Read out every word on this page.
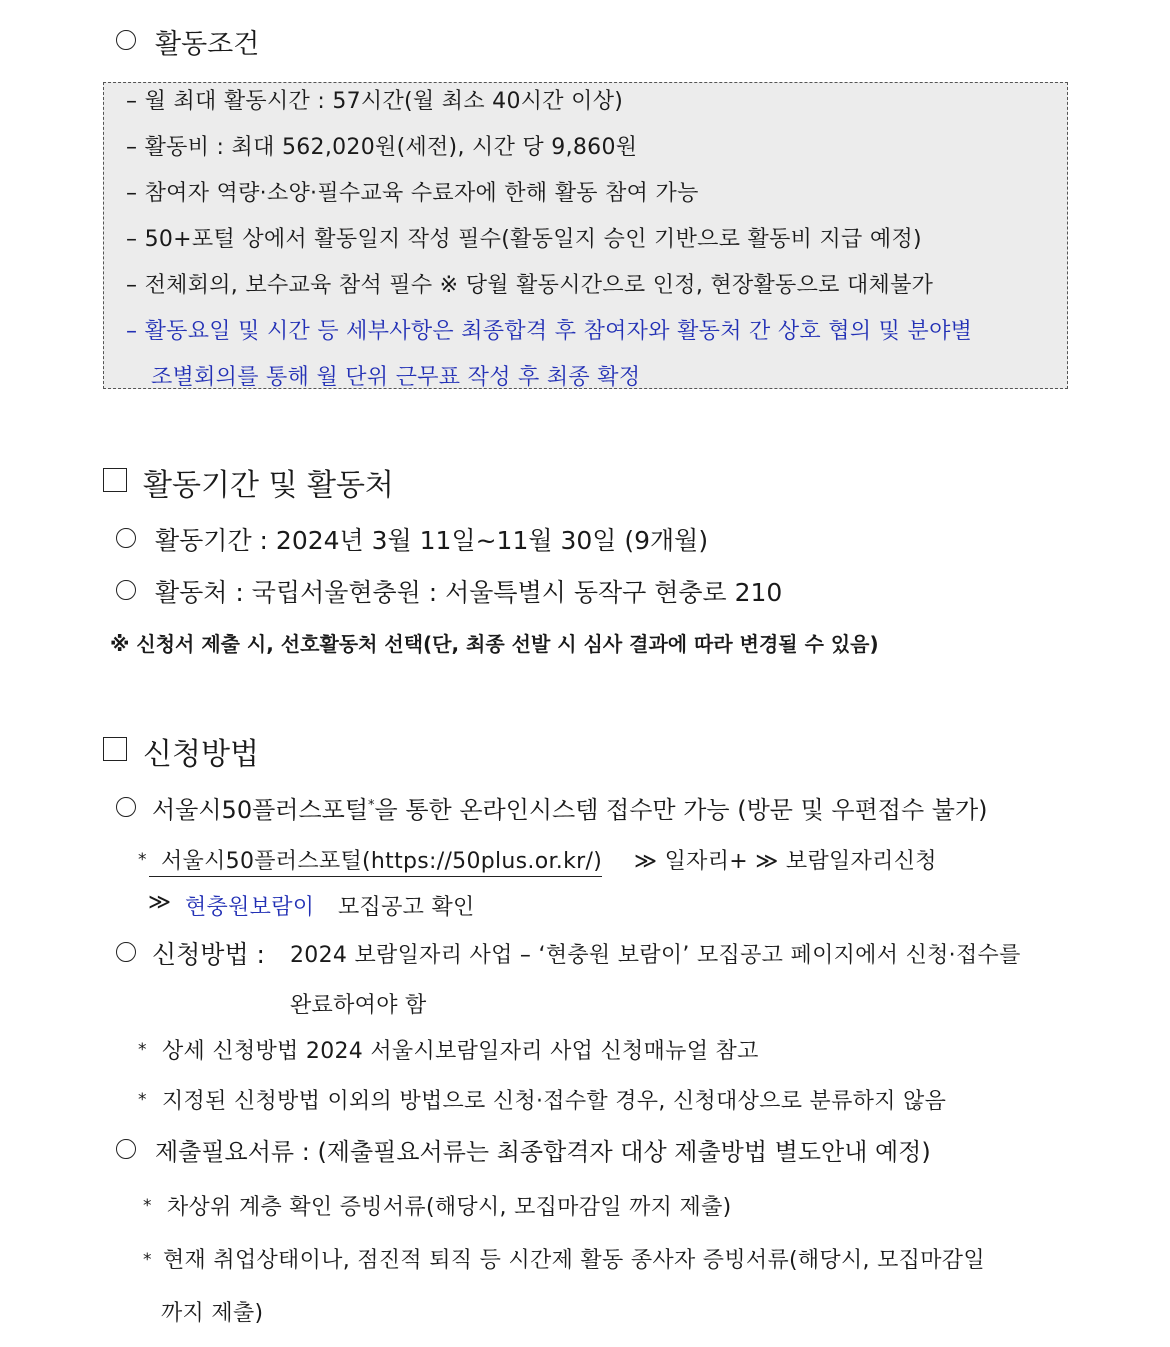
활동조건
– 월 최대 활동시간 : 57시간(월 최소 40시간 이상)
– 활동비 : 최대 562,020원(세전), 시간 당 9,860원
– 참여자 역량·소양·필수교육 수료자에 한해 활동 참여 가능
– 50+포털 상에서 활동일지 작성 필수(활동일지 승인 기반으로 활동비 지급 예정)
– 전체회의, 보수교육 참석 필수 ※ 당월 활동시간으로 인정, 현장활동으로 대체불가
– 활동요일 및 시간 등 세부사항은 최종합격 후 참여자와 활동처 간 상호 협의 및 분야별
조별회의를 통해 월 단위 근무표 작성 후 최종 확정
활동기간 및 활동처
활동기간 : 2024년 3월 11일~11월 30일 (9개월)
활동처 : 국립서울현충원 : 서울특별시 동작구 현충로 210
※ 신청서 제출 시, 선호활동처 선택(단, 최종 선발 시 심사 결과에 따라 변경될 수 있음)
신청방법
서울시50플러스포털*을 통한 온라인시스템 접수만 가능 (방문 및 우편접수 불가)
* 서울시50플러스포털(https://50plus.or.kr/) ≫ 일자리+ ≫ 보람일자리신청
≫ 현충원보람이 모집공고 확인
신청방법 : 2024 보람일자리 사업 – ‘현충원 보람이’ 모집공고 페이지에서 신청·접수를
완료하여야 함
* 상세 신청방법 2024 서울시보람일자리 사업 신청매뉴얼 참고
* 지정된 신청방법 이외의 방법으로 신청·접수할 경우, 신청대상으로 분류하지 않음
제출필요서류 : (제출필요서류는 최종합격자 대상 제출방법 별도안내 예정)
* 차상위 계층 확인 증빙서류(해당시, 모집마감일 까지 제출)
* 현재 취업상태이나, 점진적 퇴직 등 시간제 활동 종사자 증빙서류(해당시, 모집마감일
까지 제출)
